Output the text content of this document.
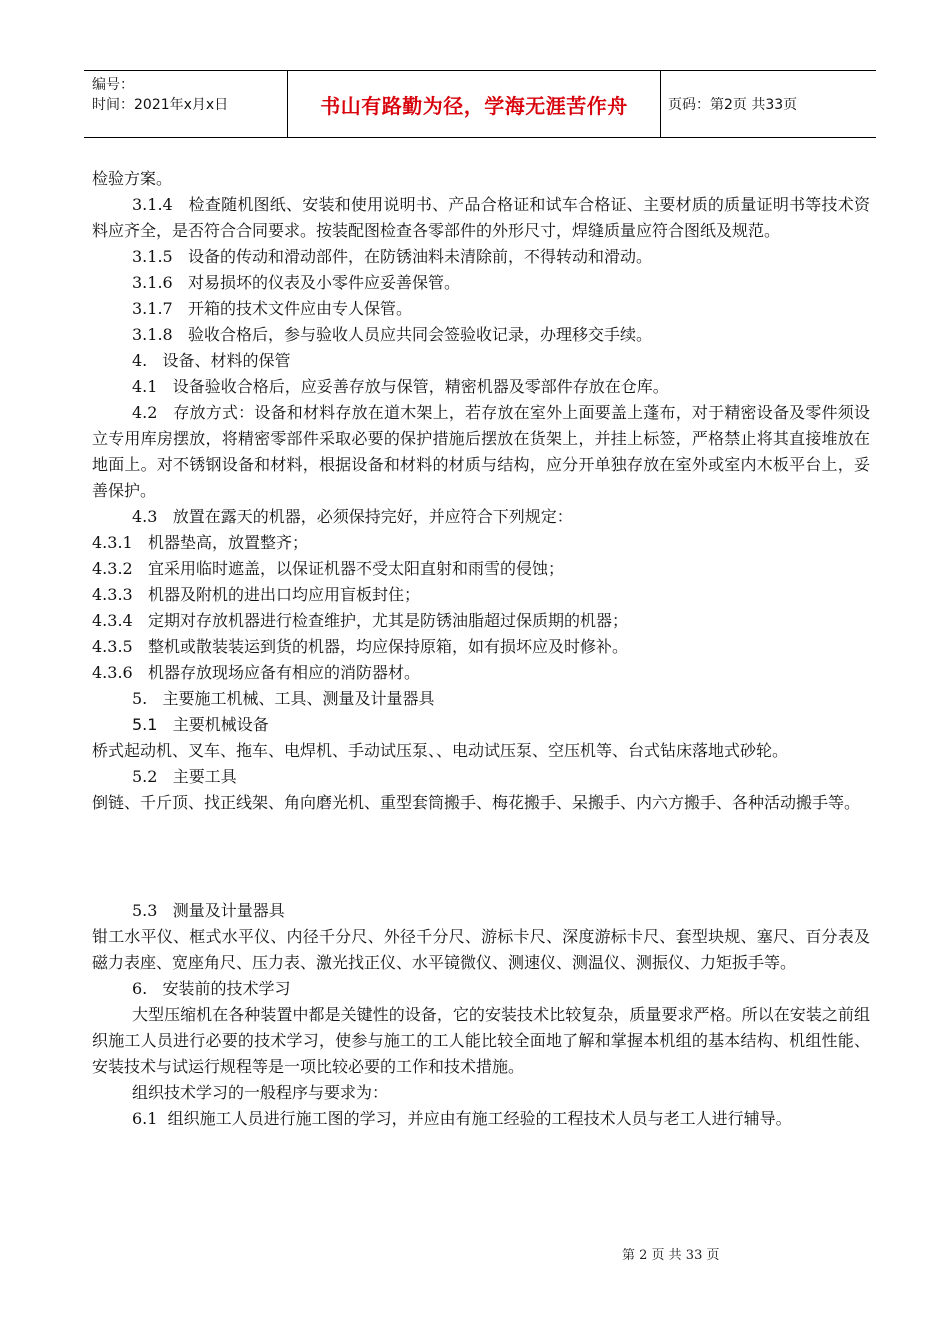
编号：
时间：2021年x月x日	书山有路勤为径，学海无涯苦作舟	页码：第2页 共33页

检验方案。

3.1.4   检查随机图纸、安装和使用说明书、产品合格证和试车合格证、主要材质的质量证明书等技术资料应齐全，是否符合合同要求。按装配图检查各零部件的外形尺寸，焊缝质量应符合图纸及规范。

3.1.5   设备的传动和滑动部件，在防锈油料未清除前，不得转动和滑动。

3.1.6   对易损坏的仪表及小零件应妥善保管。

3.1.7   开箱的技术文件应由专人保管。

3.1.8   验收合格后，参与验收人员应共同会签验收记录，办理移交手续。

4.   设备、材料的保管

4.1   设备验收合格后，应妥善存放与保管，精密机器及零部件存放在仓库。

4.2   存放方式：设备和材料存放在道木架上，若存放在室外上面要盖上蓬布，对于精密设备及零件须设立专用库房摆放，将精密零部件采取必要的保护措施后摆放在货架上，并挂上标签，严格禁止将其直接堆放在地面上。对不锈钢设备和材料，根据设备和材料的材质与结构，应分开单独存放在室外或室内木板平台上，妥善保护。

4.3   放置在露天的机器，必须保持完好，并应符合下列规定：

4.3.1   机器垫高，放置整齐；

4.3.2   宜采用临时遮盖，以保证机器不受太阳直射和雨雪的侵蚀；

4.3.3   机器及附机的进出口均应用盲板封住；

4.3.4   定期对存放机器进行检查维护，尤其是防锈油脂超过保质期的机器；

4.3.5   整机或散装装运到货的机器，均应保持原箱，如有损坏应及时修补。

4.3.6   机器存放现场应备有相应的消防器材。

5.   主要施工机械、工具、测量及计量器具

5.1   主要机械设备

桥式起动机、叉车、拖车、电焊机、手动试压泵、、电动试压泵、空压机等、台式钻床落地式砂轮。

5.2   主要工具

倒链、千斤顶、找正线架、角向磨光机、重型套筒搬手、梅花搬手、呆搬手、内六方搬手、各种活动搬手等。

5.3   测量及计量器具

钳工水平仪、框式水平仪、内径千分尺、外径千分尺、游标卡尺、深度游标卡尺、套型块规、塞尺、百分表及磁力表座、宽座角尺、压力表、激光找正仪、水平镜微仪、测速仪、测温仪、测振仪、力矩扳手等。

6.   安装前的技术学习

大型压缩机在各种装置中都是关键性的设备，它的安装技术比较复杂，质量要求严格。所以在安装之前组织施工人员进行必要的技术学习，使参与施工的工人能比较全面地了解和掌握本机组的基本结构、机组性能、安装技术与试运行规程等是一项比较必要的工作和技术措施。

组织技术学习的一般程序与要求为：

6.1  组织施工人员进行施工图的学习，并应由有施工经验的工程技术人员与老工人进行辅导。

第 2 页 共 33 页
